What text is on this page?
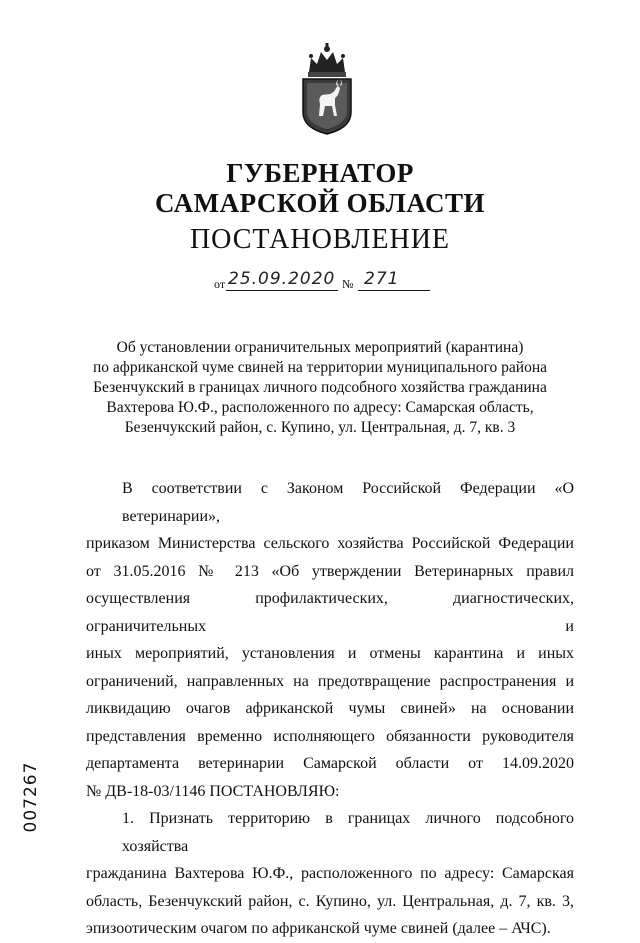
ГУБЕРНАТОР
САМАРСКОЙ ОБЛАСТИ
ПОСТАНОВЛЕНИЕ
от 25.09.2020 № 271
Об установлении ограничительных мероприятий (карантина)
по африканской чуме свиней на территории муниципального района
Безенчукский в границах личного подсобного хозяйства гражданина
Вахтерова Ю.Ф., расположенного по адресу: Самарская область,
Безенчукский район, с. Купино, ул. Центральная, д. 7, кв. 3
В соответствии с Законом Российской Федерации «О ветеринарии»,
приказом Министерства сельского хозяйства Российской Федерации
от 31.05.2016 № 213 «Об утверждении Ветеринарных правил
осуществления профилактических, диагностических, ограничительных и
иных мероприятий, установления и отмены карантина и иных
ограничений, направленных на предотвращение распространения и
ликвидацию очагов африканской чумы свиней» на основании
представления временно исполняющего обязанности руководителя
департамента ветеринарии Самарской области от 14.09.2020
№ ДВ-18-03/1146 ПОСТАНОВЛЯЮ:
1. Признать территорию в границах личного подсобного хозяйства
гражданина Вахтерова Ю.Ф., расположенного по адресу: Самарская
область, Безенчукский район, с. Купино, ул. Центральная, д. 7, кв. 3,
эпизоотическим очагом по африканской чуме свиней (далее – АЧС).
007267
